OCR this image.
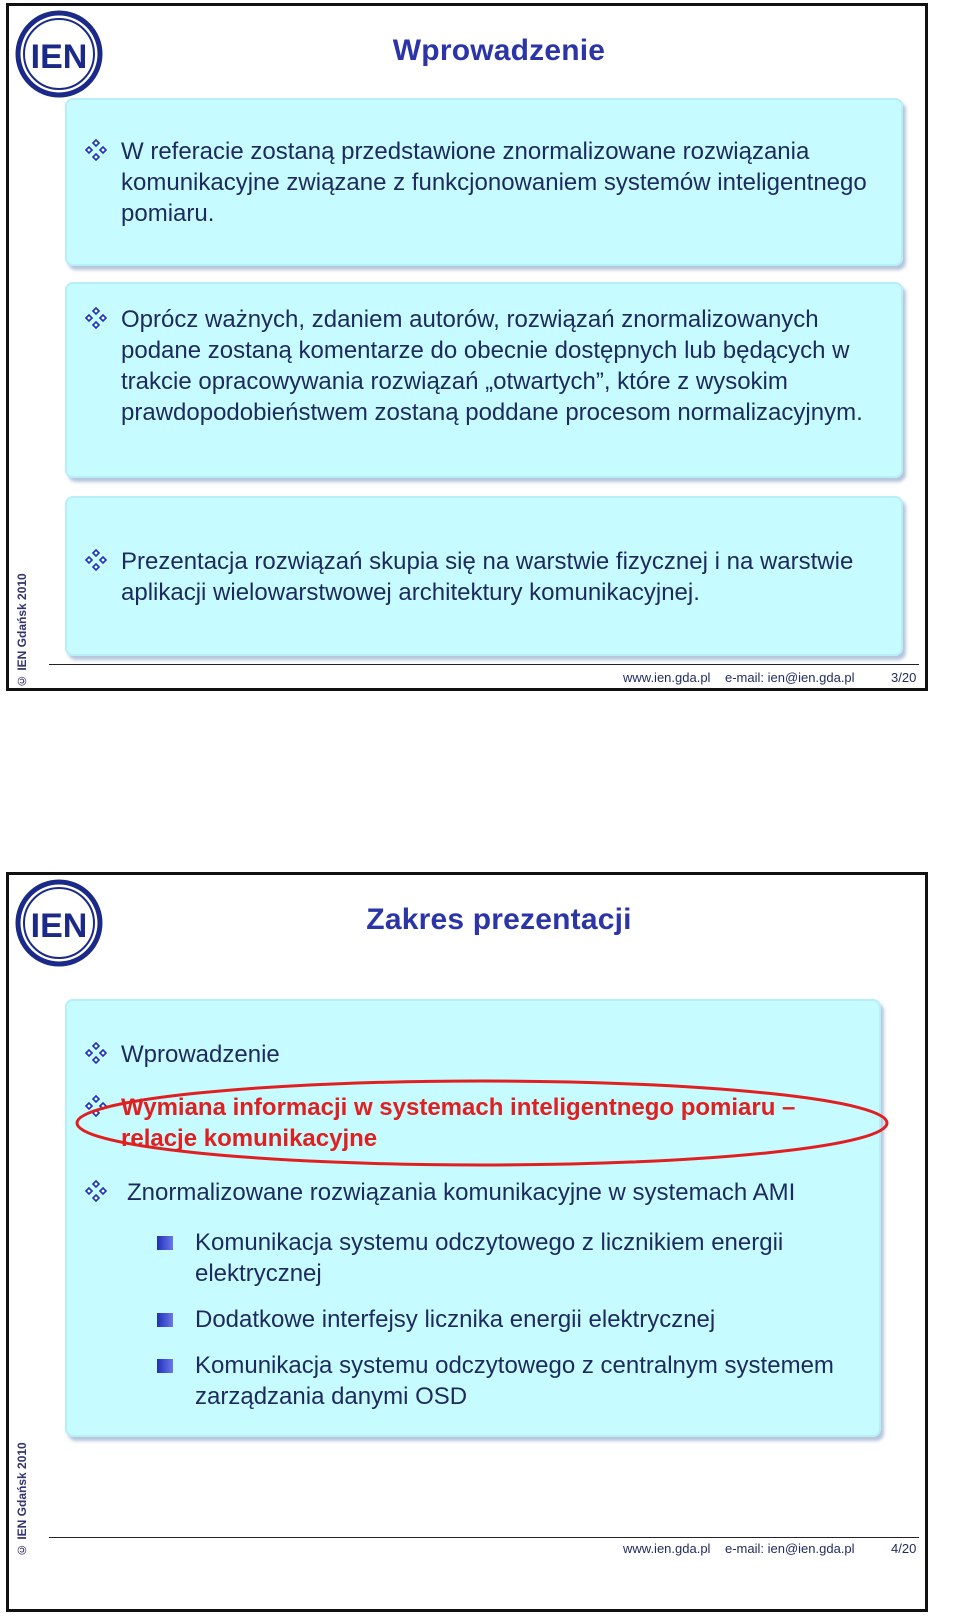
IEN	Wprowadzenie
W referacie zostaną przedstawione znormalizowane rozwiązania komunikacyjne związane z funkcjonowaniem systemów inteligentnego pomiaru.
Oprócz ważnych, zdaniem autorów, rozwiązań znormalizowanych podane zostaną komentarze do obecnie dostępnych lub będących w trakcie opracowywania rozwiązań „otwartych”, które z wysokim prawdopodobieństwem zostaną poddane procesom normalizacyjnym.
Prezentacja rozwiązań skupia się na warstwie fizycznej i na warstwie aplikacji wielowarstwowej architektury komunikacyjnej.
© IEN Gdańsk 2010	www.ien.gda.pl e-mail: ien@ien.gda.pl	3/20
IEN	Zakres prezentacji
Wprowadzenie
Wymiana informacji w systemach inteligentnego pomiaru – relacje komunikacyjne
Znormalizowane rozwiązania komunikacyjne w systemach AMI
Komunikacja systemu odczytowego z licznikiem energii elektrycznej
Dodatkowe interfejsy licznika energii elektrycznej
Komunikacja systemu odczytowego z centralnym systemem zarządzania danymi OSD
© IEN Gdańsk 2010	www.ien.gda.pl e-mail: ien@ien.gda.pl	4/20
